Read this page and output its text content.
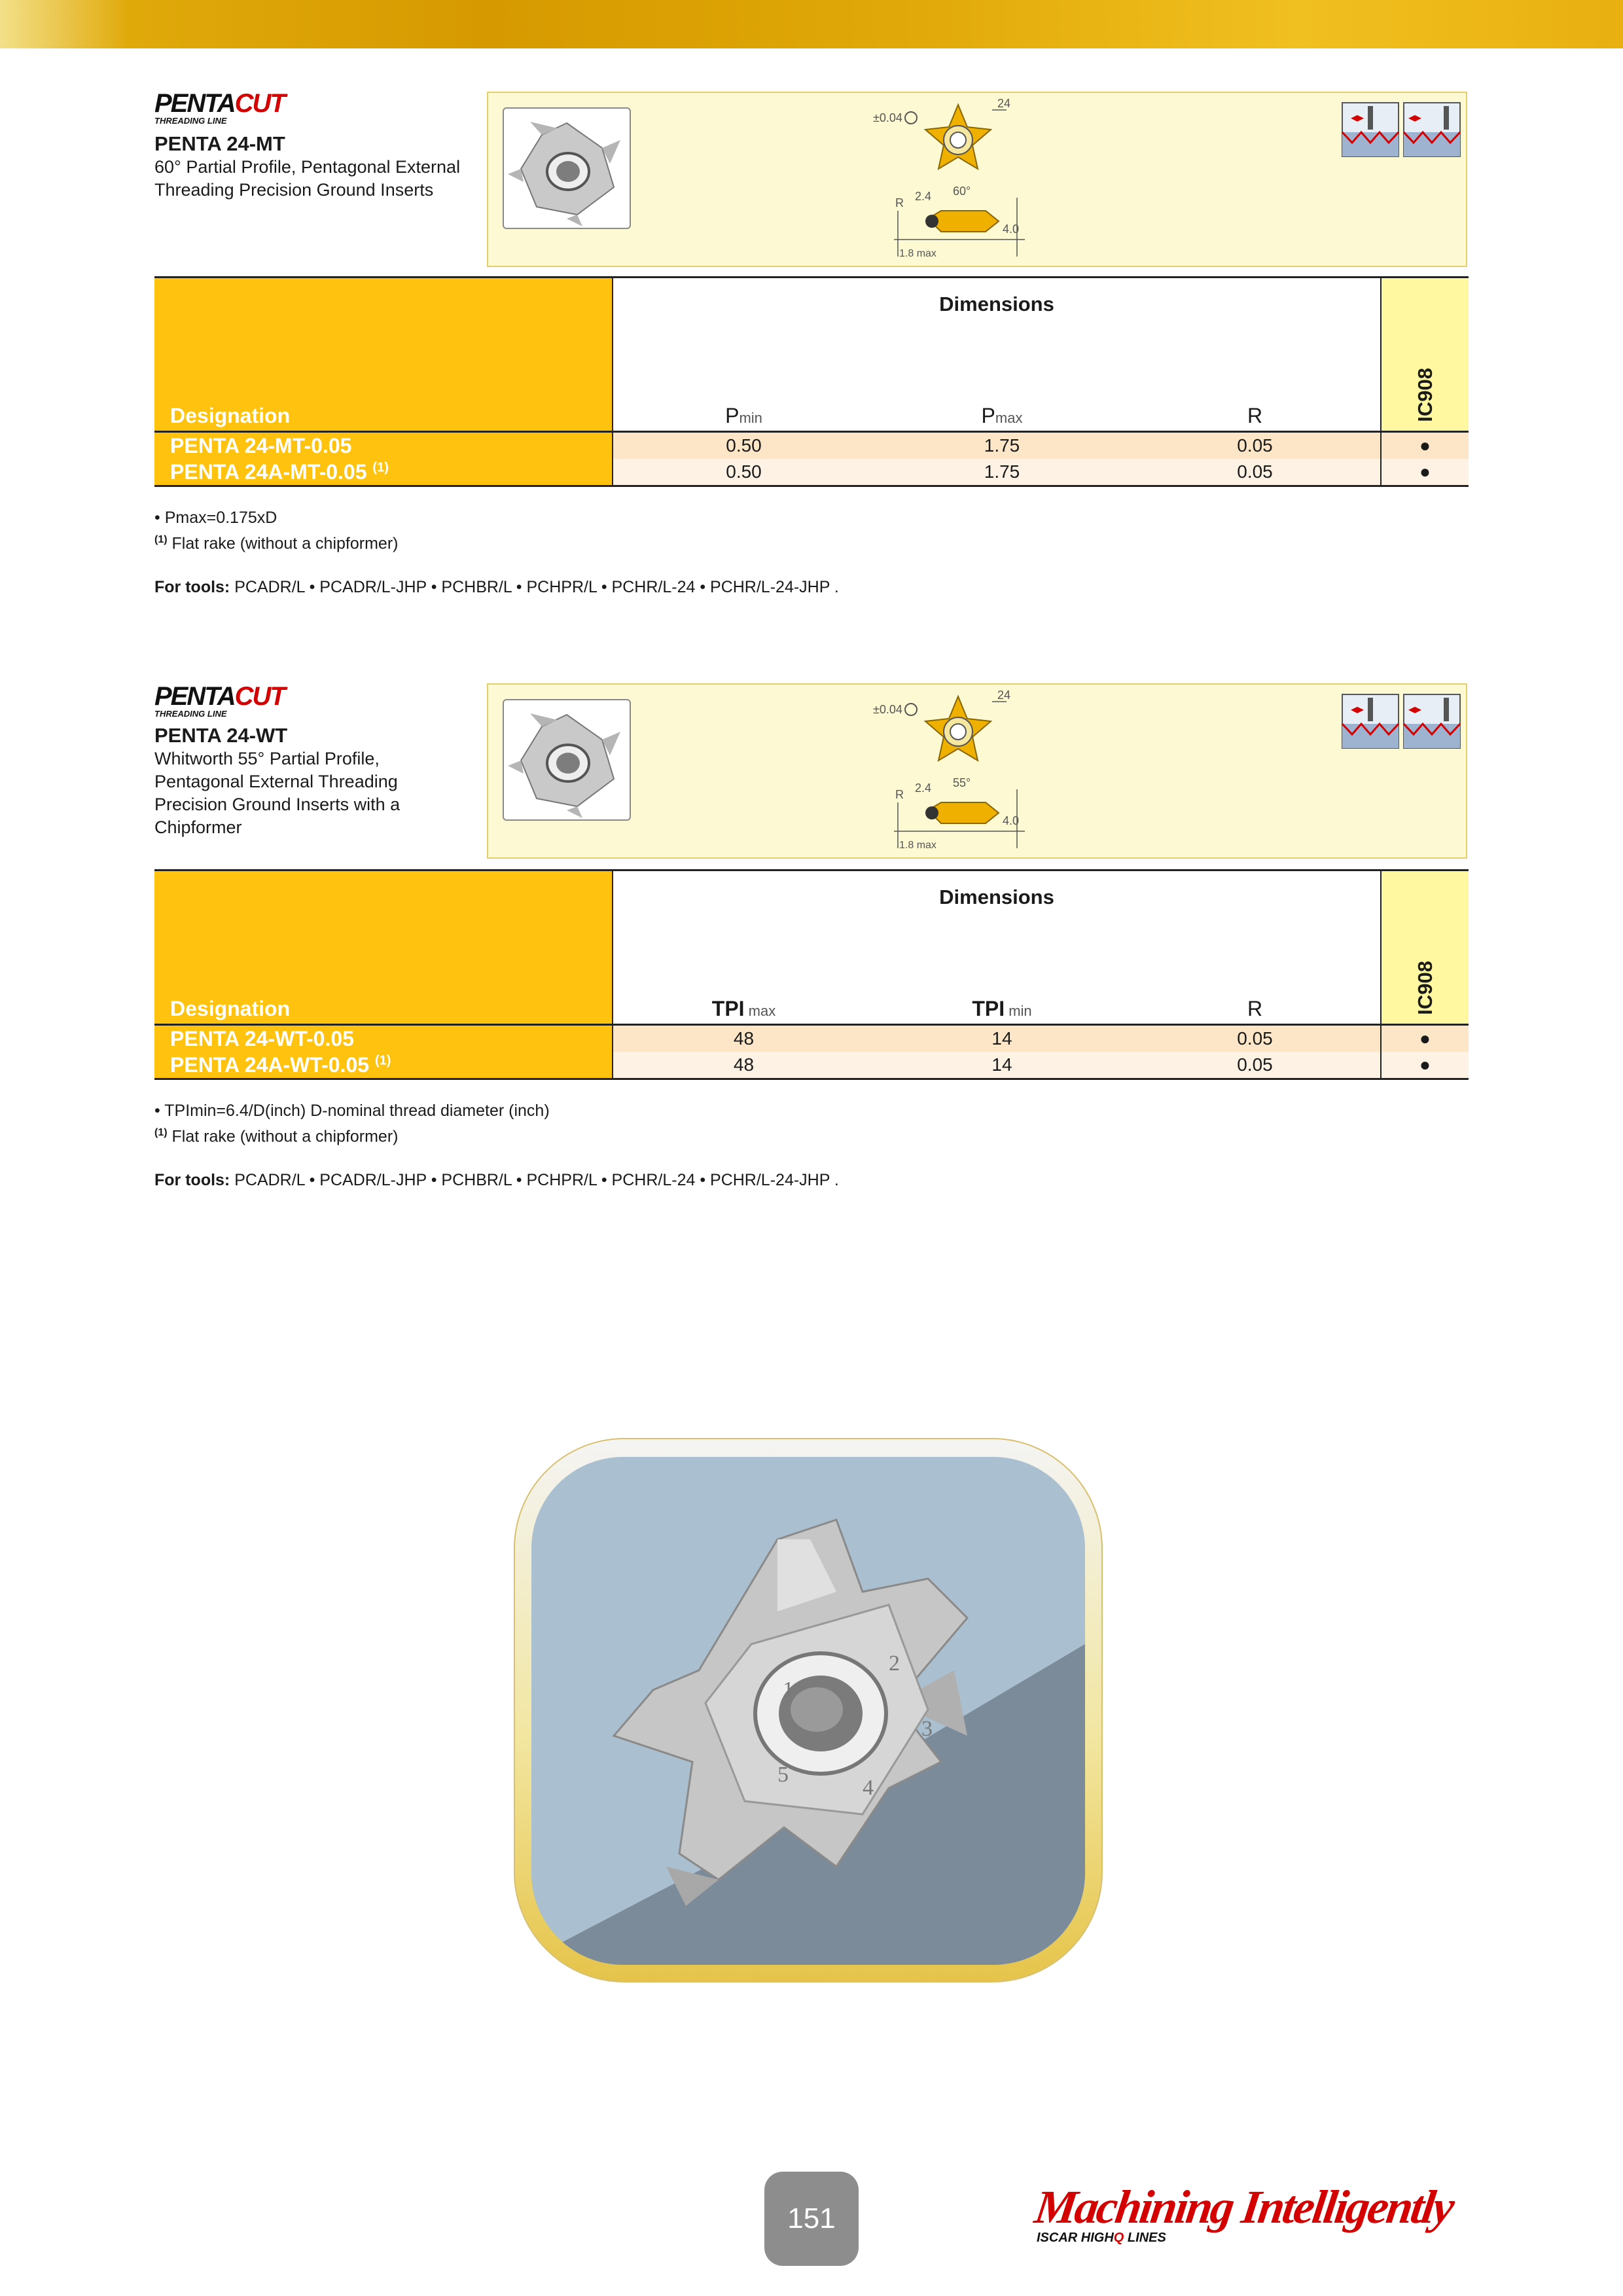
PENTACUT
THREADING LINE
PENTA 24-MT
60° Partial Profile, Pentagonal External Threading Precision Ground Inserts
±0.04
24
R 2.4 60°
4.0
1.8 max
◂▸	◂▸
Designation	Dimensions			IC908
	Pmin	Pmax	R	
PENTA 24-MT-0.05	0.50	1.75	0.05	●
PENTA 24A-MT-0.05 $^{(1)}$	0.50	1.75	0.05	●
• Pmax=0.175xD
$^{(1)}$ Flat rake (without a chipformer)
For tools: PCADR/L • PCADR/L-JHP • PCHBR/L • PCHPR/L • PCHR/L-24 • PCHR/L-24-JHP .
PENTACUT
THREADING LINE
PENTA 24-WT
Whitworth 55° Partial Profile, Pentagonal External Threading Precision Ground Inserts with a Chipformer
±0.04
24
R 2.4 55°
4.0
1.8 max
◂▸	◂▸
Designation	Dimensions			IC908
	TPI max	TPI min	R	
PENTA 24-WT-0.05	48	14	0.05	●
PENTA 24A-WT-0.05 $^{(1)}$	48	14	0.05	●
• TPImin=6.4/D(inch) D-nominal thread diameter (inch)
$^{(1)}$ Flat rake (without a chipformer)
For tools: PCADR/L • PCADR/L-JHP • PCHBR/L • PCHPR/L • PCHR/L-24 • PCHR/L-24-JHP .
1
2
3
4
5
151	Machining Intelligently
ISCAR HIGHQ LINES
